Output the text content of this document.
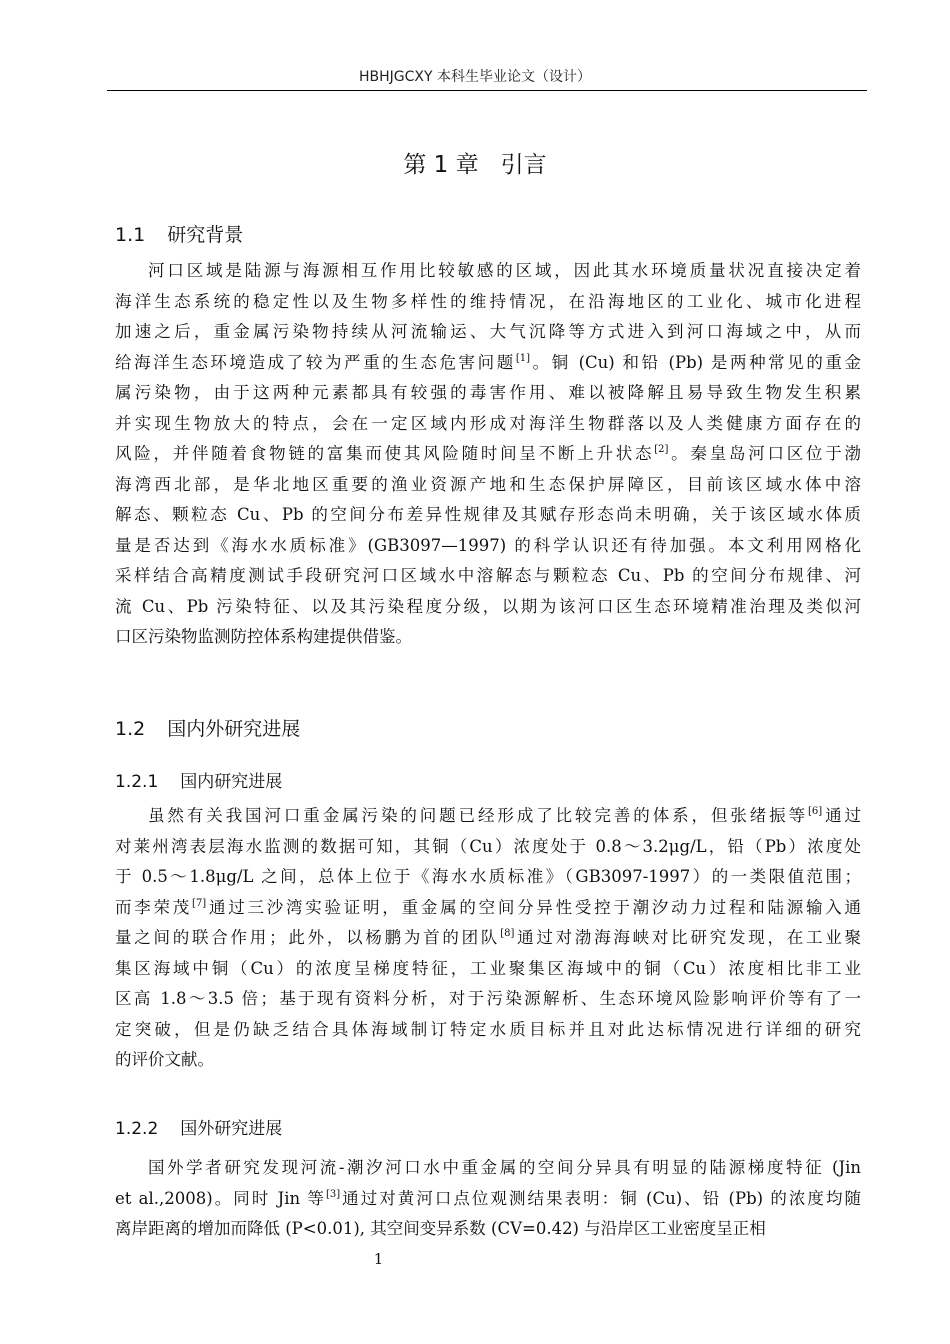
HBHJGCXY 本科生毕业论文（设计）
第 1 章 引言
1.1 研究背景
河口区域是陆源与海源相互作用比较敏感的区域，因此其水环境质量状况直接决定着
海洋生态系统的稳定性以及生物多样性的维持情况，在沿海地区的工业化、城市化进程
加速之后，重金属污染物持续从河流输运、大气沉降等方式进入到河口海域之中，从而
给海洋生态环境造成了较为严重的生态危害问题[1]。铜 (Cu) 和铅 (Pb) 是两种常见的重金
属污染物，由于这两种元素都具有较强的毒害作用、难以被降解且易导致生物发生积累
并实现生物放大的特点，会在一定区域内形成对海洋生物群落以及人类健康方面存在的
风险，并伴随着食物链的富集而使其风险随时间呈不断上升状态[2]。秦皇岛河口区位于渤
海湾西北部，是华北地区重要的渔业资源产地和生态保护屏障区，目前该区域水体中溶
解态、颗粒态 Cu、Pb 的空间分布差异性规律及其赋存形态尚未明确，关于该区域水体质
量是否达到《海水水质标准》(GB3097—1997) 的科学认识还有待加强。本文利用网格化
采样结合高精度测试手段研究河口区域水中溶解态与颗粒态 Cu、Pb 的空间分布规律、河
流 Cu、Pb 污染特征、以及其污染程度分级，以期为该河口区生态环境精准治理及类似河
口区污染物监测防控体系构建提供借鉴。
1.2 国内外研究进展
1.2.1 国内研究进展
虽然有关我国河口重金属污染的问题已经形成了比较完善的体系，但张绪振等[6]通过
对莱州湾表层海水监测的数据可知，其铜（Cu）浓度处于 0.8～3.2μg/L，铅（Pb）浓度处
于 0.5～1.8μg/L 之间，总体上位于《海水水质标准》（GB3097-1997）的一类限值范围；
而李荣茂[7]通过三沙湾实验证明，重金属的空间分异性受控于潮汐动力过程和陆源输入通
量之间的联合作用；此外，以杨鹏为首的团队[8]通过对渤海海峡对比研究发现，在工业聚
集区海域中铜（Cu）的浓度呈梯度特征，工业聚集区海域中的铜（Cu）浓度相比非工业
区高 1.8～3.5 倍；基于现有资料分析，对于污染源解析、生态环境风险影响评价等有了一
定突破，但是仍缺乏结合具体海域制订特定水质目标并且对此达标情况进行详细的研究
的评价文献。
1.2.2 国外研究进展
国外学者研究发现河流-潮汐河口水中重金属的空间分异具有明显的陆源梯度特征 (Jin
et al.,2008)。同时 Jin 等[3]通过对黄河口点位观测结果表明：铜 (Cu)、铅 (Pb) 的浓度均随
离岸距离的增加而降低 (P<0.01), 其空间变异系数 (CV=0.42) 与沿岸区工业密度呈正相
1
